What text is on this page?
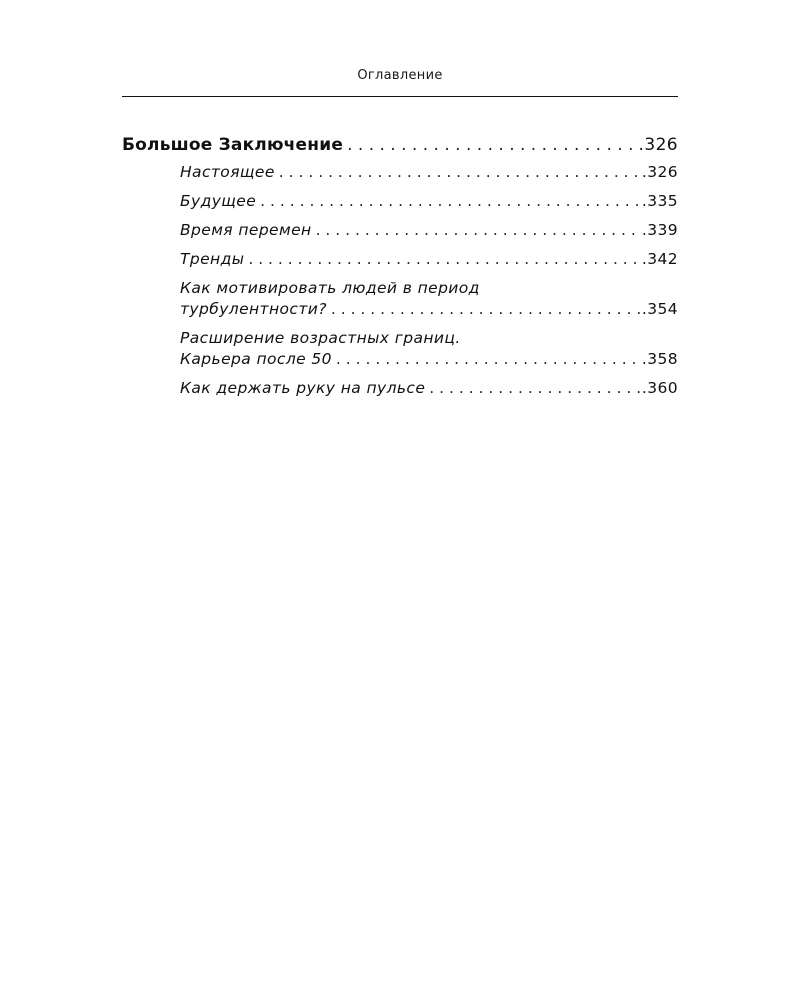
Оглавление
Большое Заключение . . .	.326
Настоящее . . .	.326
Будущее . . .	.335
Время перемен . . .	.339
Тренды . . .	.342
Как мотивировать людей в период
турбулентности? . . .	.354
Расширение возрастных границ.
Карьера после 50 . . .	.358
Как держать руку на пульсе . . .	.360
